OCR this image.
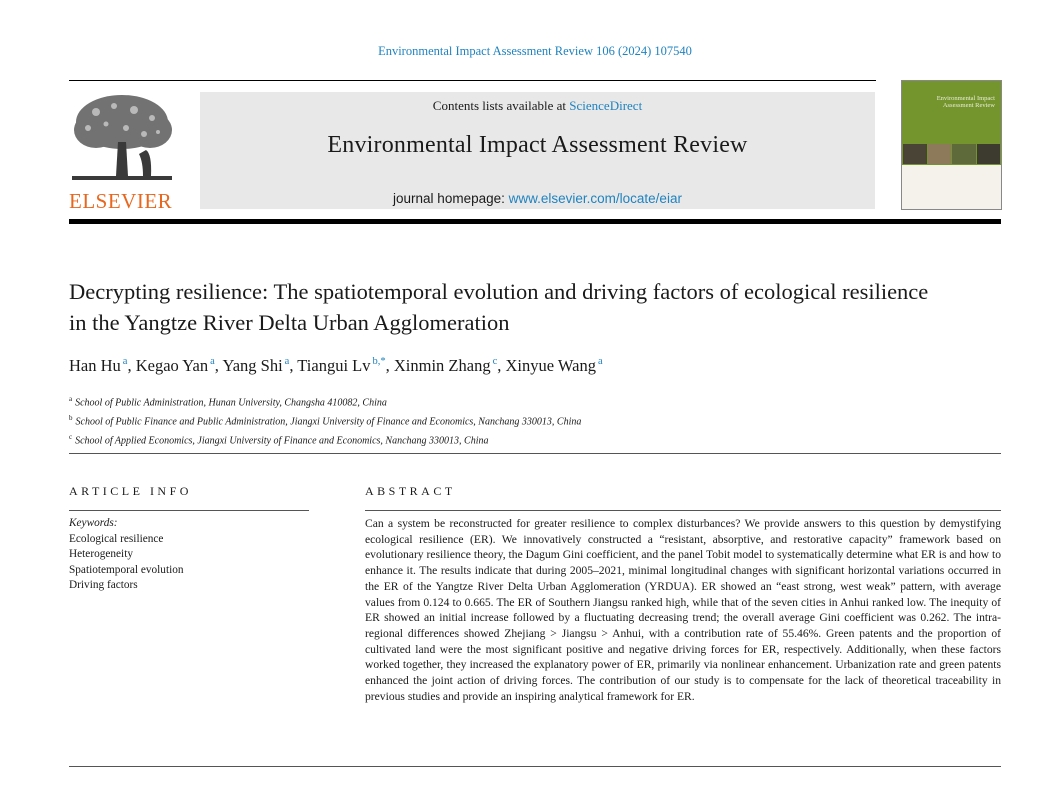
Environmental Impact Assessment Review 106 (2024) 107540
ELSEVIER
Contents lists available at ScienceDirect
Environmental Impact Assessment Review
journal homepage: www.elsevier.com/locate/eiar
Environmental Impact Assessment Review
Decrypting resilience: The spatiotemporal evolution and driving factors of ecological resilience in the Yangtze River Delta Urban Agglomeration
Han Hu $^a$, Kegao Yan $^a$, Yang Shi $^a$, Tiangui Lv $^{b,*}$, Xinmin Zhang $^c$, Xinyue Wang $^a$
$^a$ School of Public Administration, Hunan University, Changsha 410082, China
$^b$ School of Public Finance and Public Administration, Jiangxi University of Finance and Economics, Nanchang 330013, China
$^c$ School of Applied Economics, Jiangxi University of Finance and Economics, Nanchang 330013, China
ARTICLE INFO	ABSTRACT
Keywords:
Ecological resilience
Heterogeneity
Spatiotemporal evolution
Driving factors
Can a system be reconstructed for greater resilience to complex disturbances? We provide answers to this question by demystifying ecological resilience (ER). We innovatively constructed a “resistant, absorptive, and restorative capacity” framework based on evolutionary resilience theory, the Dagum Gini coefficient, and the panel Tobit model to systematically determine what ER is and how to enhance it. The results indicate that during 2005–2021, minimal longitudinal changes with significant horizontal variations occurred in the ER of the Yangtze River Delta Urban Agglomeration (YRDUA). ER showed an “east strong, west weak” pattern, with average values from 0.124 to 0.665. The ER of Southern Jiangsu ranked high, while that of the seven cities in Anhui ranked low. The inequity of ER showed an initial increase followed by a fluctuating decreasing trend; the overall average Gini coefficient was 0.262. The intra-regional differences showed Zhejiang > Jiangsu > Anhui, with a contribution rate of 55.46%. Green patents and the proportion of cultivated land were the most significant positive and negative driving forces for ER, respectively. Additionally, when these factors worked together, they increased the explanatory power of ER, primarily via nonlinear enhancement. Urbanization rate and green patents enhanced the joint action of driving forces. The contribution of our study is to compensate for the lack of theoretical traceability in previous studies and provide an inspiring analytical framework for ER.
